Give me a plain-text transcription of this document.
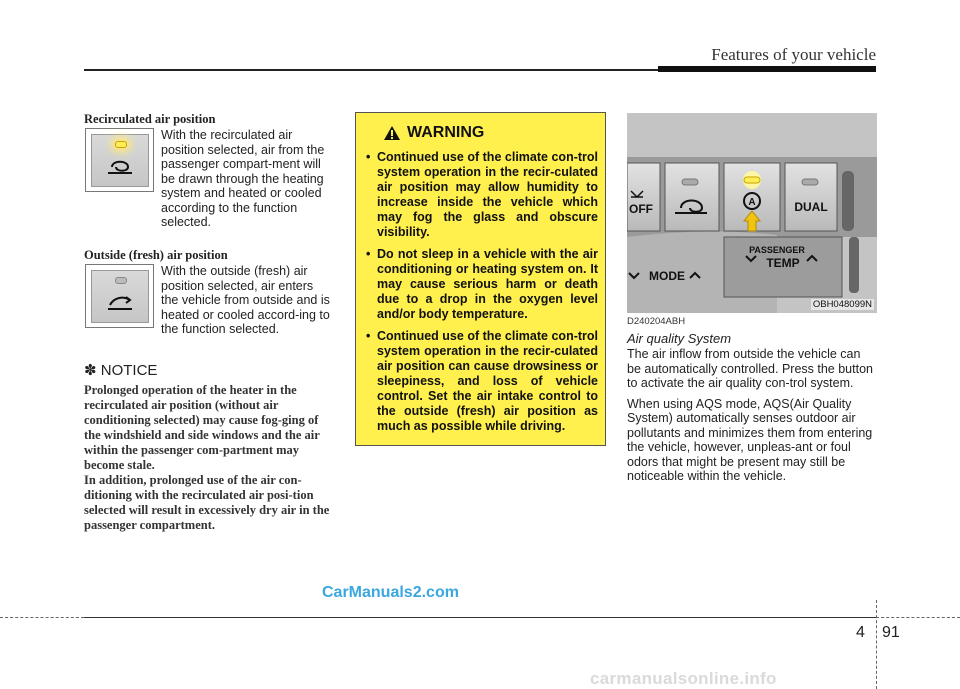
Features of your vehicle

Recirculated air position

With the recirculated air position selected, air from the passenger compart-ment will be drawn through the heating system and heated or cooled according to the function selected.

Outside (fresh) air position

With the outside (fresh) air position selected, air enters the vehicle from outside and is heated or cooled accord-ing to the function selected.

✽ NOTICE

Prolonged operation of the heater in the recirculated air position (without air conditioning selected) may cause fog-ging of the windshield and side windows and the air within the passenger com-partment may become stale.

In addition, prolonged use of the air con-ditioning with the recirculated air posi-tion selected will result in excessively dry air in the passenger compartment.

WARNING
• Continued use of the climate con-trol system operation in the recir-culated air position may allow humidity to increase inside the vehicle which may fog the glass and obscure visibility.
• Do not sleep in a vehicle with the air conditioning or heating system on. It may cause serious harm or death due to a drop in the oxygen level and/or body temperature.
• Continued use of the climate con-trol system operation in the recir-culated air position can cause drowsiness or sleepiness, and loss of vehicle control. Set the air intake control to the outside (fresh) air position as much as possible while driving.
A	DUAL
OFF
PASSENGER
TEMP
MODE
OBH048099N

D240204ABH

Air quality System

The air inflow from outside the vehicle can be automatically controlled. Press the button to activate the air quality con-trol system.

When using AQS mode, AQS(Air Quality System) automatically senses outdoor air pollutants and minimizes them from entering the vehicle, however, unpleas-ant or foul odors that might be present may still be noticeable within the vehicle.

CarManuals2.com
4 91
carmanualsonline.info
